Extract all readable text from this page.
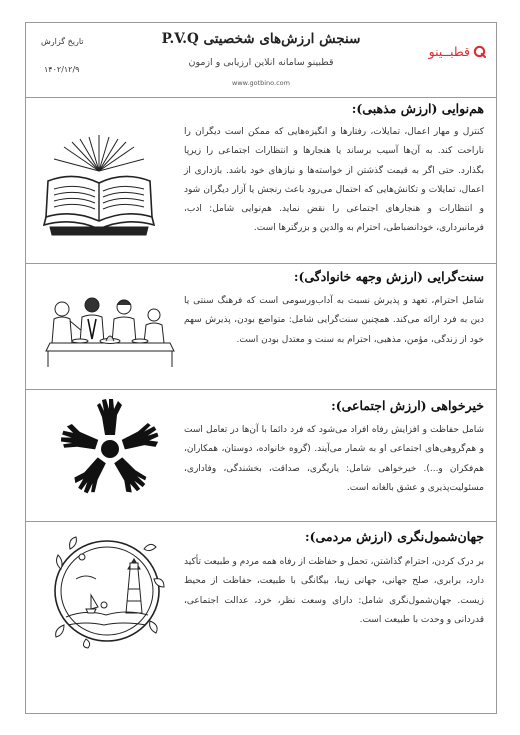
تاریخ گزارش
۱۴۰۲/۱۲/۹
سنجش ارزش‌های شخصیتی P.V.Q
قطبینو سامانه انلاین ارزیابی و ازمون
www.gotbino.com
قطبــینو
هم‌نوایی (ارزش مذهبی):
کنترل و مهار اعمال، تمایلات، رفتارها و انگیزه‌هایی که ممکن است دیگران را ناراحت کند. به آن‌ها آسیب برساند یا هنجارها و انتظارات اجتماعی را زیرپا بگذارد. حتی اگر به قیمت گذشتن از خواسته‌ها و نیازهای خود باشد. بازداری از اعمال، تمایلات و تکانش‌هایی که احتمال می‌رود باعث رنجش یا آزار دیگران شود و انتظارات و هنجارهای اجتماعی را نقض نماید. هم‌نوایی شامل: ادب، فرمانبرداری، خودانضباطی، احترام به والدین و بزرگترها است.
سنت‌گرایی (ارزش وجهه خانوادگی):
شامل احترام، تعهد و پذیرش نسبت به آداب‌ورسومی است که فرهنگ سنتی یا دین به فرد ارائه می‌کند. همچنین سنت‌گرایی شامل: متواضع بودن، پذیرش سهم خود از زندگی، مؤمن، مذهبی، احترام به سنت و معتدل بودن است.
خیرخواهی (ارزش اجتماعی):
شامل حفاظت و افزایش رفاه افراد می‌شود که فرد دائما با آن‌ها در تعامل است و هم‌گروهی‌های اجتماعی او به شمار می‌آیند. (گروه خانواده، دوستان، همکاران، هم‌فکران و...). خیرخواهی شامل: یاریگری، صداقت، بخشندگی، وفاداری، مسئولیت‌پذیری و عشق بالغانه است.
جهان‌شمول‌نگری (ارزش مردمی):
بر درک کردن، احترام گذاشتن، تحمل و حفاظت از رفاه همه مردم و طبیعت تأکید دارد، برابری، صلح جهانی، جهانی زیبا، بیگانگی با طبیعت، حفاظت از محیط زیست. جهان‌شمول‌نگری شامل: دارای وسعت نظر، خرد، عدالت اجتماعی، قدردانی و وحدت با طبیعت است.
